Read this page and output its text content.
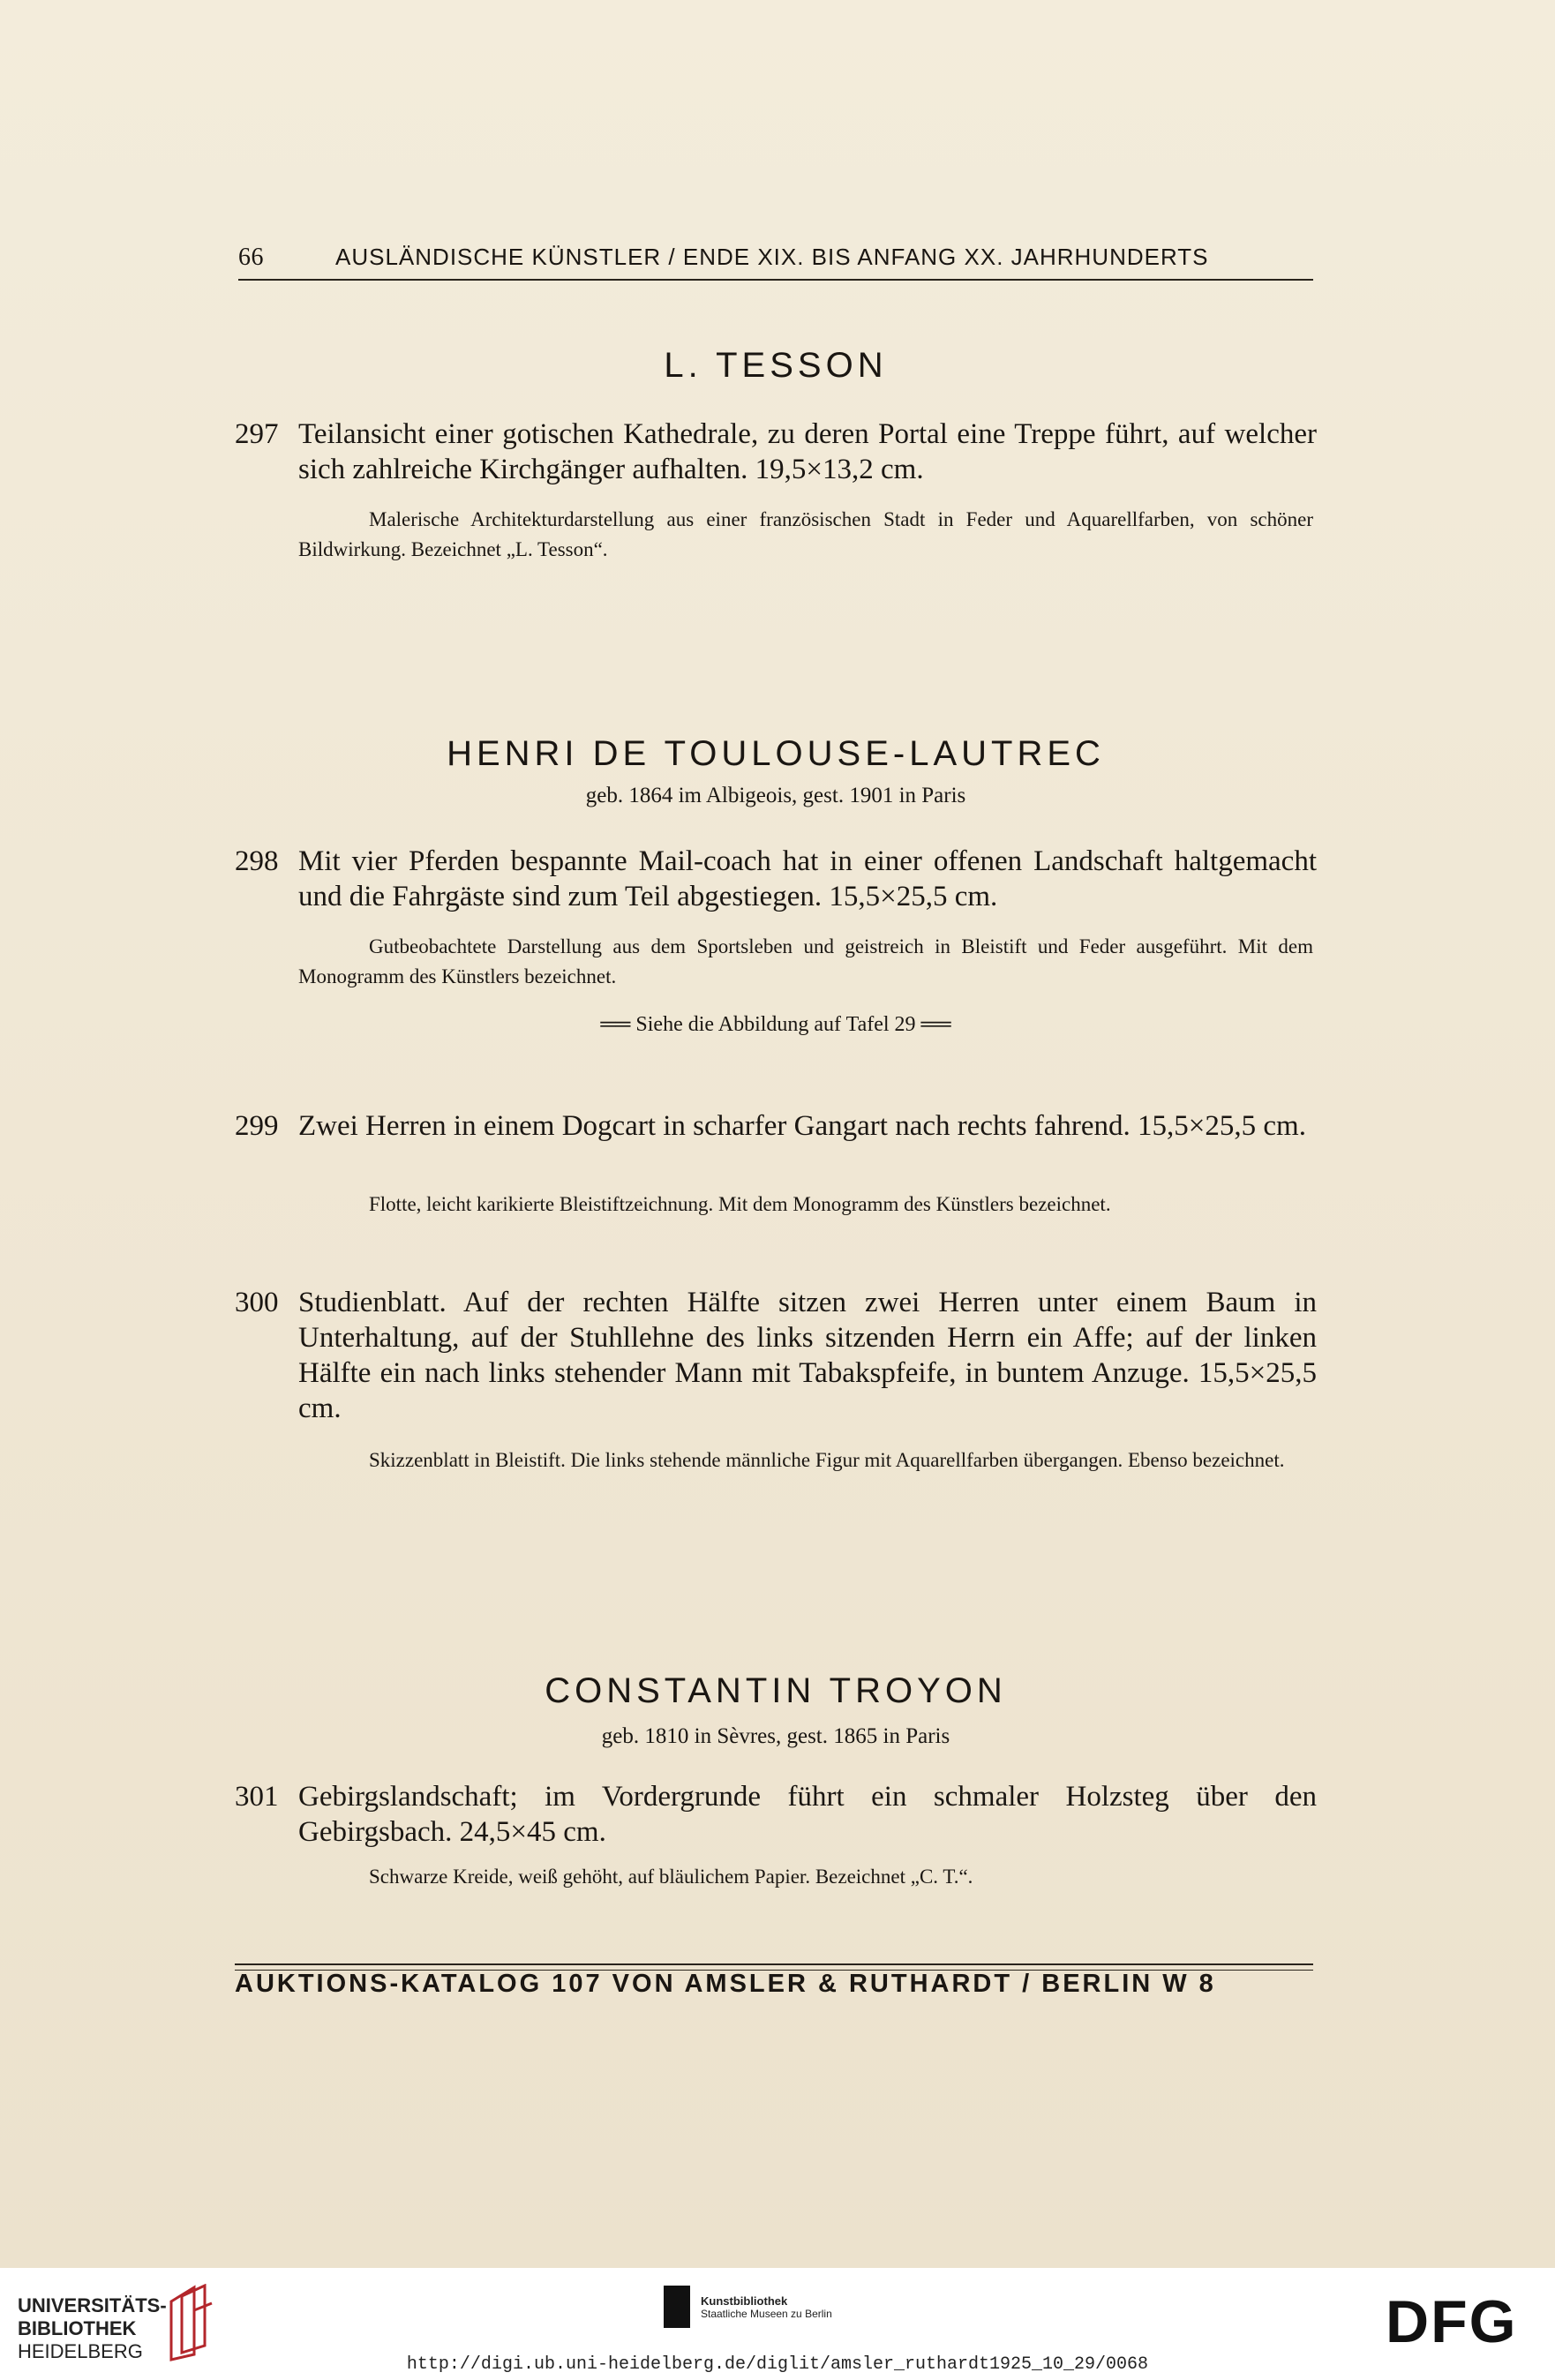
66	AUSLÄNDISCHE KÜNSTLER / ENDE XIX. BIS ANFANG XX. JAHRHUNDERTS
L. TESSON
297 Teilansicht einer gotischen Kathedrale, zu deren Portal eine Treppe führt, auf welcher sich zahlreiche Kirchgänger aufhalten. 19,5×13,2 cm.
Malerische Architekturdarstellung aus einer französischen Stadt in Feder und Aquarellfarben, von schöner Bildwirkung. Bezeichnet „L. Tesson“.
HENRI DE TOULOUSE-LAUTREC
geb. 1864 im Albigeois, gest. 1901 in Paris
298 Mit vier Pferden bespannte Mail-coach hat in einer offenen Landschaft haltgemacht und die Fahrgäste sind zum Teil abgestiegen. 15,5×25,5 cm.
Gutbeobachtete Darstellung aus dem Sportsleben und geistreich in Bleistift und Feder ausgeführt. Mit dem Monogramm des Künstlers bezeichnet.
══ Siehe die Abbildung auf Tafel 29 ══
299 Zwei Herren in einem Dogcart in scharfer Gangart nach rechts fahrend. 15,5×25,5 cm.
Flotte, leicht karikierte Bleistiftzeichnung. Mit dem Monogramm des Künstlers bezeichnet.
300 Studienblatt. Auf der rechten Hälfte sitzen zwei Herren unter einem Baum in Unterhaltung, auf der Stuhllehne des links sitzenden Herrn ein Affe; auf der linken Hälfte ein nach links stehender Mann mit Tabakspfeife, in buntem Anzuge. 15,5×25,5 cm.
Skizzenblatt in Bleistift. Die links stehende männliche Figur mit Aquarellfarben übergangen. Ebenso bezeichnet.
CONSTANTIN TROYON
geb. 1810 in Sèvres, gest. 1865 in Paris
301 Gebirgslandschaft; im Vordergrunde führt ein schmaler Holzsteg über den Gebirgsbach. 24,5×45 cm.
Schwarze Kreide, weiß gehöht, auf bläulichem Papier. Bezeichnet „C. T.“.
AUKTIONS-KATALOG 107 VON AMSLER & RUTHARDT / BERLIN W 8
UNIVERSITÄTS-
BIBLIOTHEK
HEIDELBERG
Kunstbibliothek
Staatliche Museen zu Berlin	DFG
http://digi.ub.uni-heidelberg.de/diglit/amsler_ruthardt1925_10_29/0068
